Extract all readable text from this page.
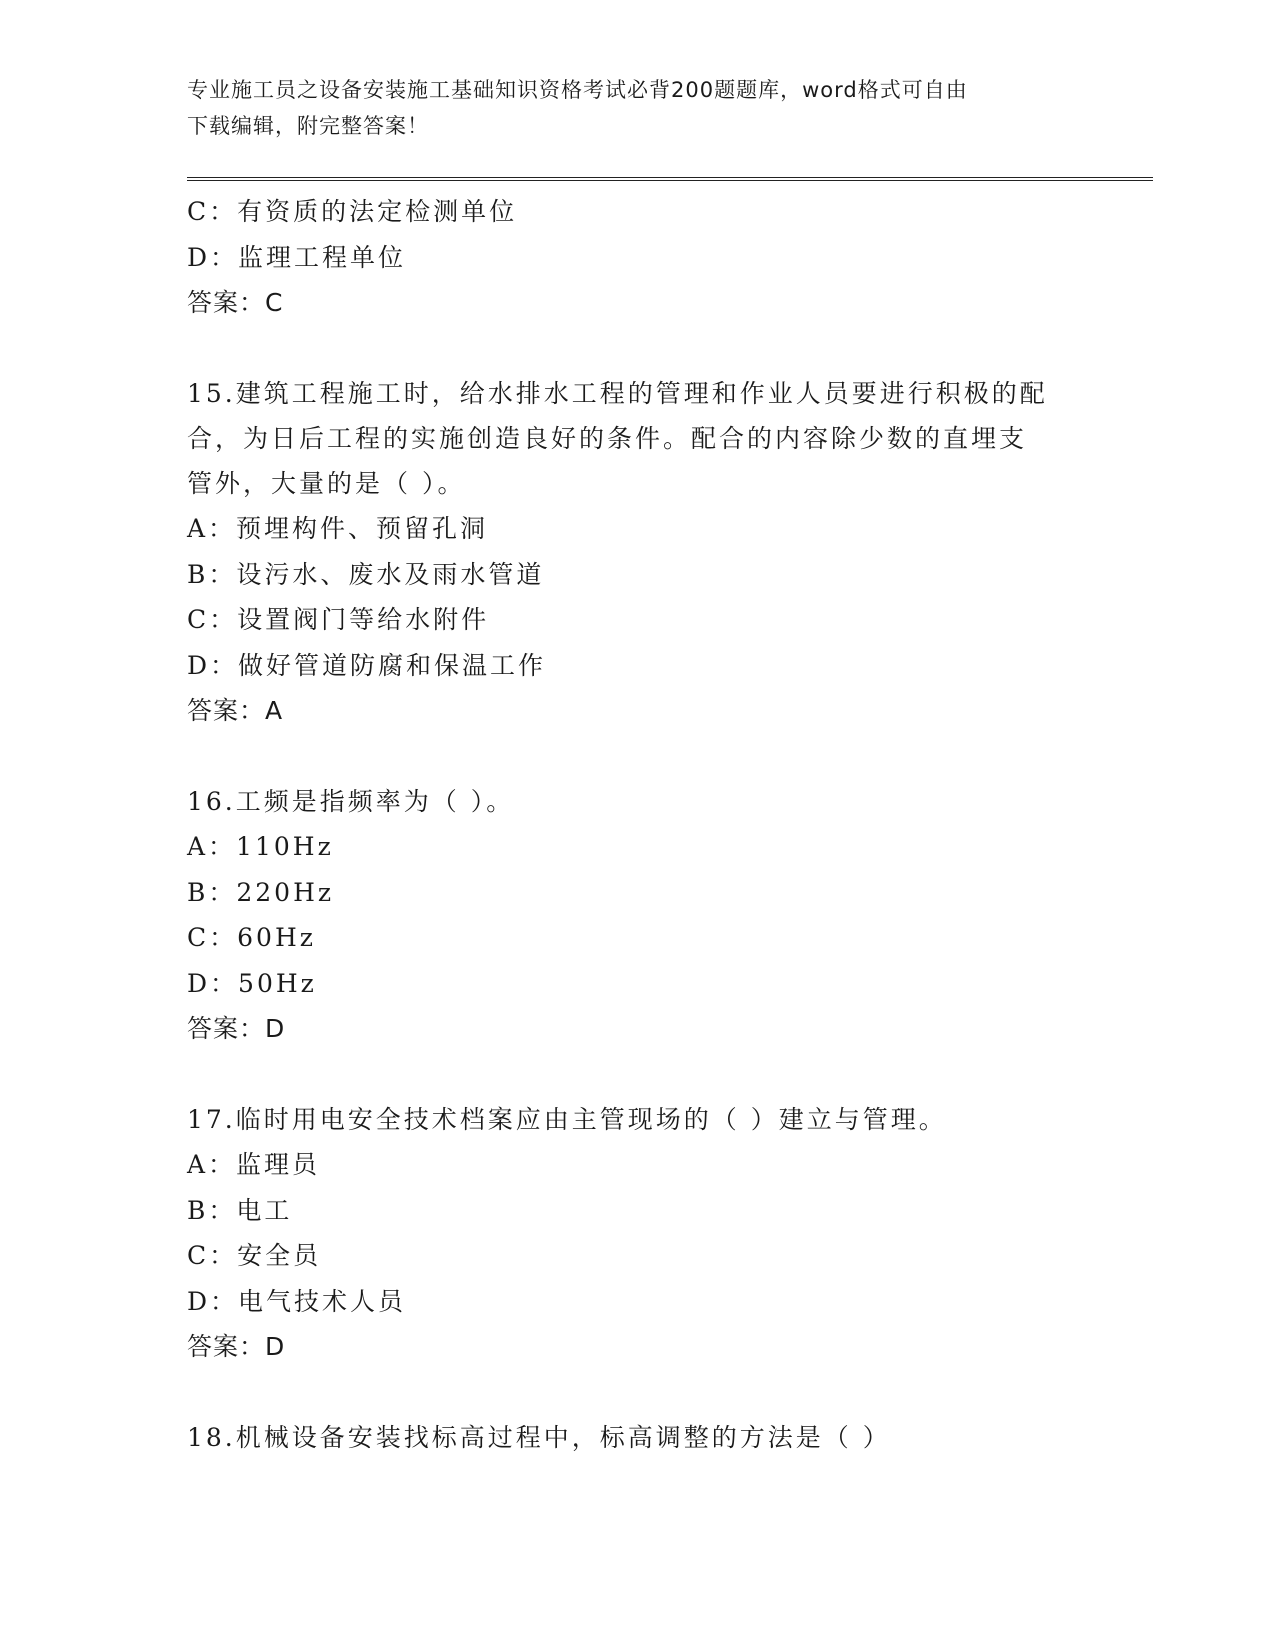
专业施工员之设备安装施工基础知识资格考试必背200题题库，word格式可自由
下载编辑，附完整答案！
C：有资质的法定检测单位
D：监理工程单位
答案：C
15.建筑工程施工时，给水排水工程的管理和作业人员要进行积极的配
合，为日后工程的实施创造良好的条件。配合的内容除少数的直埋支
管外，大量的是（ ）。
A：预埋构件、预留孔洞
B：设污水、废水及雨水管道
C：设置阀门等给水附件
D：做好管道防腐和保温工作
答案：A
16.工频是指频率为（ ）。
A：110Hz
B：220Hz
C：60Hz
D：50Hz
答案：D
17.临时用电安全技术档案应由主管现场的（ ）建立与管理。
A：监理员
B：电工
C：安全员
D：电气技术人员
答案：D
18.机械设备安装找标高过程中，标高调整的方法是（ ）
